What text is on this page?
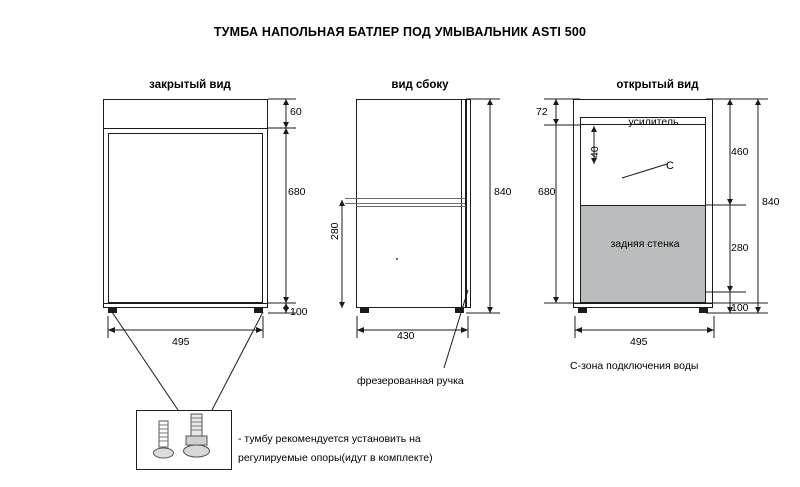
ТУМБА НАПОЛЬНАЯ БАТЛЕР ПОД УМЫВАЛЬНИК ASTI 500
закрытый вид
60
680
100
495
- тумбу рекомендуется установить на
регулируемые опоры(идут в комплекте)
вид сбоку
840
280
430
фрезерованная ручка
открытый вид
усилитель
задняя стенка
С
72
680
40	460
280
100
840
495
С-зона подключения воды
